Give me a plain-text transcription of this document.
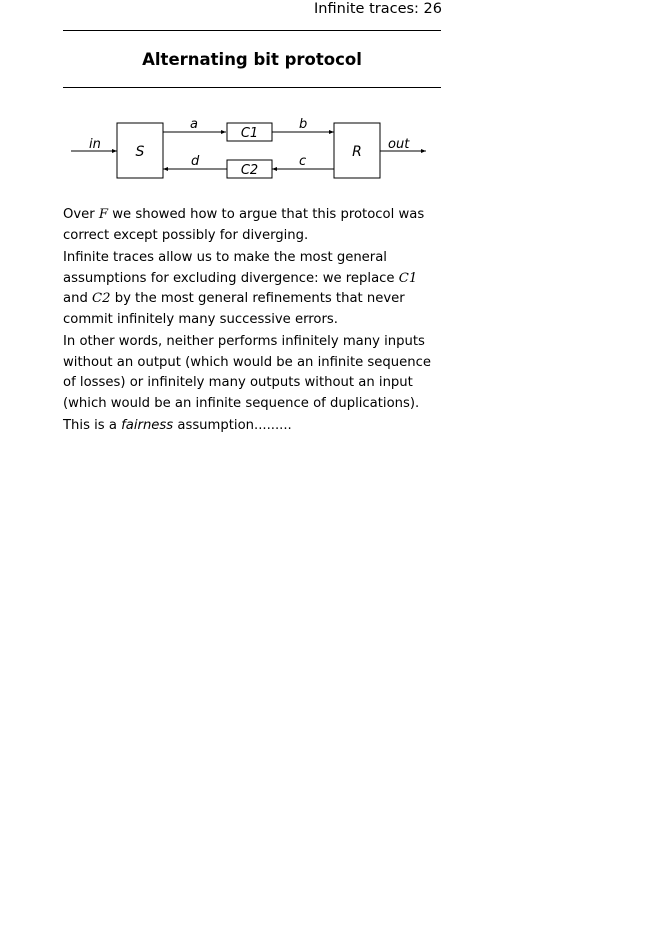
Infinite traces: 26
Alternating bit protocol
in S
a
C1
b
R out
c
C2
d

Over F we showed how to argue that this protocol was correct except possibly for diverging.

Infinite traces allow us to make the most general assumptions for excluding divergence: we replace C1 and C2 by the most general refinements that never commit infinitely many successive errors.

In other words, neither performs infinitely many inputs without an output (which would be an infinite sequence of losses) or infinitely many outputs without an input (which would be an infinite sequence of duplications).

This is a fairness assumption.........
